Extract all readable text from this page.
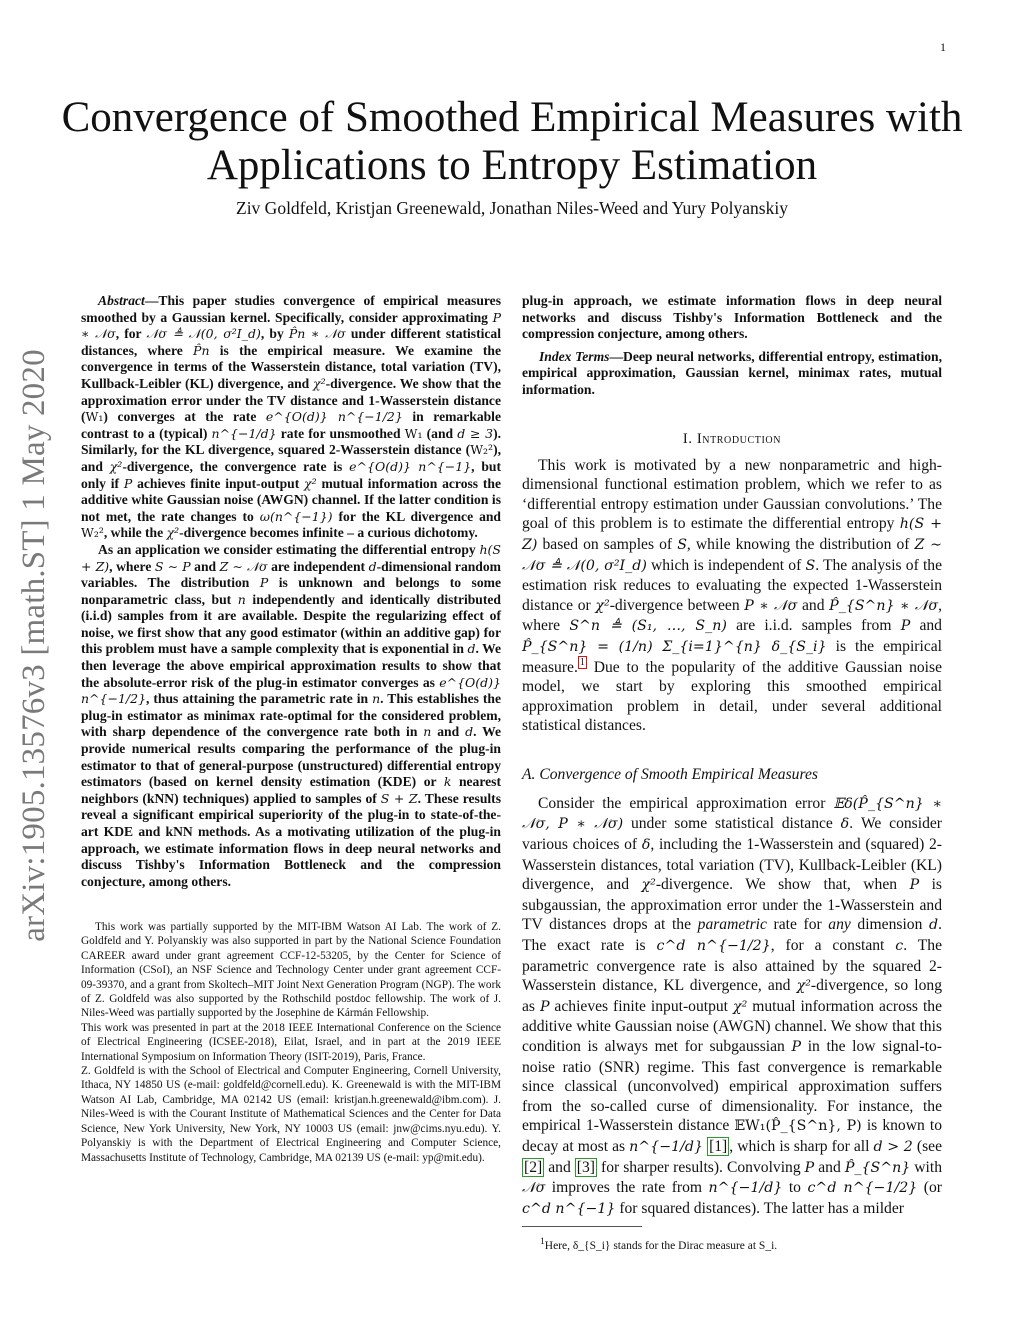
1
arXiv:1905.13576v3 [math.ST] 1 May 2020
Convergence of Smoothed Empirical Measures with Applications to Entropy Estimation
Ziv Goldfeld, Kristjan Greenewald, Jonathan Niles-Weed and Yury Polyanskiy

Abstract—This paper studies convergence of empirical measures smoothed by a Gaussian kernel. Specifically, consider approximating P ∗ 𝒩σ, for 𝒩σ ≜ 𝒩(0, σ²I_d), by P̂n ∗ 𝒩σ under different statistical distances, where P̂n is the empirical measure. We examine the convergence in terms of the Wasserstein distance, total variation (TV), Kullback-Leibler (KL) divergence, and χ²-divergence. We show that the approximation error under the TV distance and 1-Wasserstein distance (W₁) converges at the rate e^{O(d)} n^{−1/2} in remarkable contrast to a (typical) n^{−1/d} rate for unsmoothed W₁ (and d ≥ 3). Similarly, for the KL divergence, squared 2-Wasserstein distance (W₂²), and χ²-divergence, the convergence rate is e^{O(d)} n^{−1}, but only if P achieves finite input-output χ² mutual information across the additive white Gaussian noise (AWGN) channel. If the latter condition is not met, the rate changes to ω(n^{−1}) for the KL divergence and W₂², while the χ²-divergence becomes infinite – a curious dichotomy.

As an application we consider estimating the differential entropy h(S + Z), where S ∼ P and Z ∼ 𝒩σ are independent d-dimensional random variables. The distribution P is unknown and belongs to some nonparametric class, but n independently and identically distributed (i.i.d) samples from it are available. Despite the regularizing effect of noise, we first show that any good estimator (within an additive gap) for this problem must have a sample complexity that is exponential in d. We then leverage the above empirical approximation results to show that the absolute-error risk of the plug-in estimator converges as e^{O(d)} n^{−1/2}, thus attaining the parametric rate in n. This establishes the plug-in estimator as minimax rate-optimal for the considered problem, with sharp dependence of the convergence rate both in n and d. We provide numerical results comparing the performance of the plug-in estimator to that of general-purpose (unstructured) differential entropy estimators (based on kernel density estimation (KDE) or k nearest neighbors (kNN) techniques) applied to samples of S + Z. These results reveal a significant empirical superiority of the plug-in to state-of-the-art KDE and kNN methods. As a motivating utilization of the plug-in approach, we estimate information flows in deep neural networks and discuss Tishby's Information Bottleneck and the compression conjecture, among others.

This work was partially supported by the MIT-IBM Watson AI Lab. The work of Z. Goldfeld and Y. Polyanskiy was also supported in part by the National Science Foundation CAREER award under grant agreement CCF-12-53205, by the Center for Science of Information (CSoI), an NSF Science and Technology Center under grant agreement CCF-09-39370, and a grant from Skoltech–MIT Joint Next Generation Program (NGP). The work of Z. Goldfeld was also supported by the Rothschild postdoc fellowship. The work of J. Niles-Weed was partially supported by the Josephine de Kármán Fellowship.

This work was presented in part at the 2018 IEEE International Conference on the Science of Electrical Engineering (ICSEE-2018), Eilat, Israel, and in part at the 2019 IEEE International Symposium on Information Theory (ISIT-2019), Paris, France.

Z. Goldfeld is with the School of Electrical and Computer Engineering, Cornell University, Ithaca, NY 14850 US (e-mail: goldfeld@cornell.edu). K. Greenewald is with the MIT-IBM Watson AI Lab, Cambridge, MA 02142 US (email: kristjan.h.greenewald@ibm.com). J. Niles-Weed is with the Courant Institute of Mathematical Sciences and the Center for Data Science, New York University, New York, NY 10003 US (email: jnw@cims.nyu.edu). Y. Polyanskiy is with the Department of Electrical Engineering and Computer Science, Massachusetts Institute of Technology, Cambridge, MA 02139 US (e-mail: yp@mit.edu).

plug-in approach, we estimate information flows in deep neural networks and discuss Tishby's Information Bottleneck and the compression conjecture, among others.

Index Terms—Deep neural networks, differential entropy, estimation, empirical approximation, Gaussian kernel, minimax rates, mutual information.

I. Introduction

This work is motivated by a new nonparametric and high-dimensional functional estimation problem, which we refer to as ‘differential entropy estimation under Gaussian convolutions.’ The goal of this problem is to estimate the differential entropy h(S + Z) based on samples of S, while knowing the distribution of Z ∼ 𝒩σ ≜ 𝒩(0, σ²I_d) which is independent of S. The analysis of the estimation risk reduces to evaluating the expected 1-Wasserstein distance or χ²-divergence between P ∗ 𝒩σ and P̂_{S^n} ∗ 𝒩σ, where S^n ≜ (S₁, …, S_n) are i.i.d. samples from P and P̂_{S^n} = (1/n) Σ_{i=1}^{n} δ_{S_i} is the empirical measure. $^1$ Due to the popularity of the additive Gaussian noise model, we start by exploring this smoothed empirical approximation problem in detail, under several additional statistical distances.

A. Convergence of Smooth Empirical Measures

Consider the empirical approximation error 𝔼δ(P̂_{S^n} ∗ 𝒩σ, P ∗ 𝒩σ) under some statistical distance δ. We consider various choices of δ, including the 1-Wasserstein and (squared) 2-Wasserstein distances, total variation (TV), Kullback-Leibler (KL) divergence, and χ²-divergence. We show that, when P is subgaussian, the approximation error under the 1-Wasserstein and TV distances drops at the parametric rate for any dimension d. The exact rate is c^d n^{−1/2}, for a constant c. The parametric convergence rate is also attained by the squared 2-Wasserstein distance, KL divergence, and χ²-divergence, so long as P achieves finite input-output χ² mutual information across the additive white Gaussian noise (AWGN) channel. We show that this condition is always met for subgaussian P in the low signal-to-noise ratio (SNR) regime. This fast convergence is remarkable since classical (unconvolved) empirical approximation suffers from the so-called curse of dimensionality. For instance, the empirical 1-Wasserstein distance 𝔼W₁(P̂_{S^n}, P) is known to decay at most as n^{−1/d} [1] , which is sharp for all d > 2 (see [2] and [3] for sharper results). Convolving P and P̂_{S^n} with 𝒩σ improves the rate from n^{−1/d} to c^d n^{−1/2} (or c^d n^{−1} for squared distances). The latter has a milder

$^1$Here, δ_{S_i} stands for the Dirac measure at S_i.
